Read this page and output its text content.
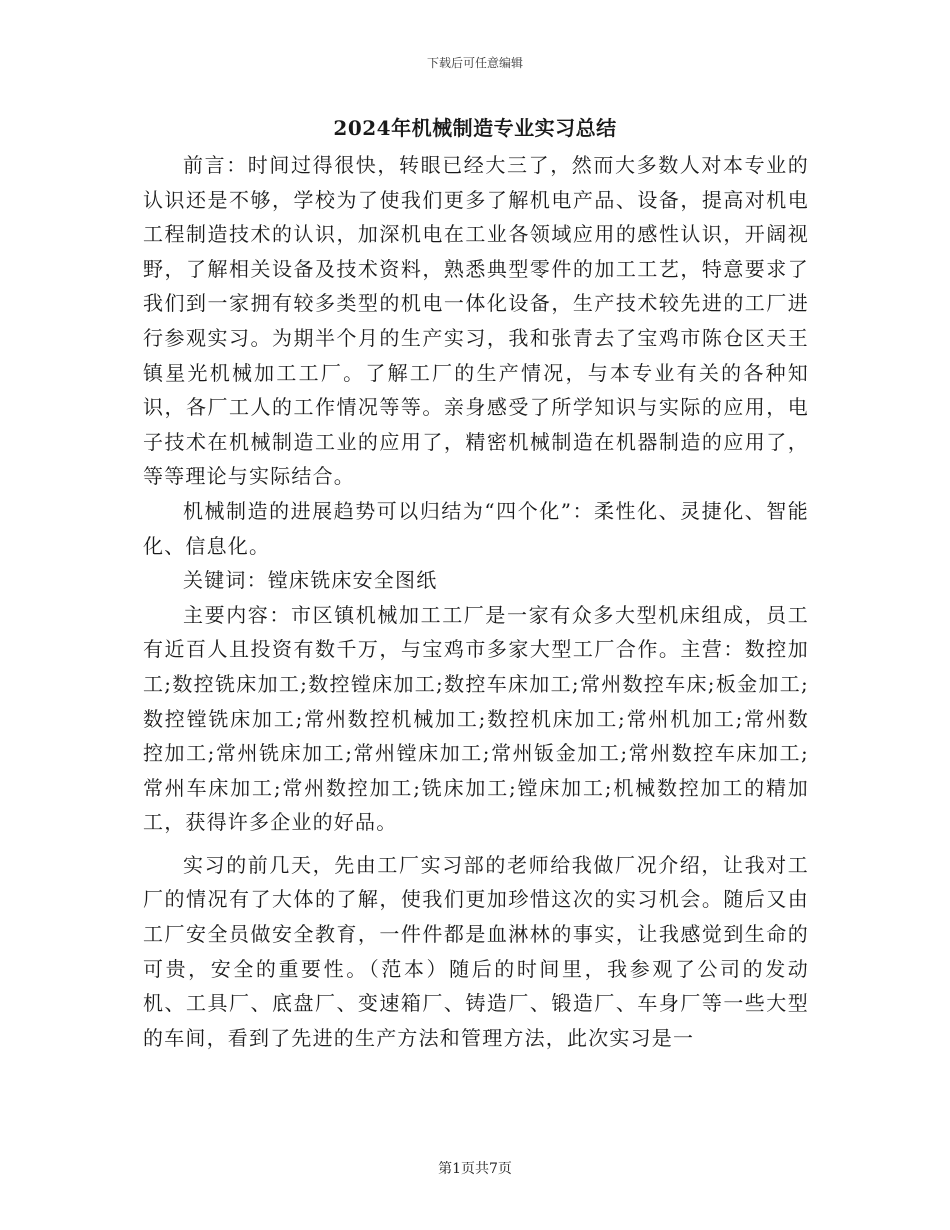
下载后可任意编辑
2024年机械制造专业实习总结

前言：时间过得很快，转眼已经大三了，然而大多数人对本专业的认识还是不够，学校为了使我们更多了解机电产品、设备，提高对机电工程制造技术的认识，加深机电在工业各领域应用的感性认识，开阔视野，了解相关设备及技术资料，熟悉典型零件的加工工艺，特意要求了我们到一家拥有较多类型的机电一体化设备，生产技术较先进的工厂进行参观实习。为期半个月的生产实习，我和张青去了宝鸡市陈仓区天王镇星光机械加工工厂。了解工厂的生产情况，与本专业有关的各种知识，各厂工人的工作情况等等。亲身感受了所学知识与实际的应用，电子技术在机械制造工业的应用了，精密机械制造在机器制造的应用了，等等理论与实际结合。

机械制造的进展趋势可以归结为“四个化”：柔性化、灵捷化、智能化、信息化。

关键词：镗床铣床安全图纸

主要内容：市区镇机械加工工厂是一家有众多大型机床组成，员工有近百人且投资有数千万，与宝鸡市多家大型工厂合作。主营：数控加工;数控铣床加工;数控镗床加工;数控车床加工;常州数控车床;板金加工;数控镗铣床加工;常州数控机械加工;数控机床加工;常州机加工;常州数控加工;常州铣床加工;常州镗床加工;常州钣金加工;常州数控车床加工;常州车床加工;常州数控加工;铣床加工;镗床加工;机械数控加工的精加工，获得许多企业的好品。

实习的前几天，先由工厂实习部的老师给我做厂况介绍，让我对工厂的情况有了大体的了解，使我们更加珍惜这次的实习机会。随后又由工厂安全员做安全教育，一件件都是血淋林的事实，让我感觉到生命的可贵，安全的重要性。（范本）随后的时间里，我参观了公司的发动机、工具厂、底盘厂、变速箱厂、铸造厂、锻造厂、车身厂等一些大型的车间，看到了先进的生产方法和管理方法，此次实习是一

第1页共7页
